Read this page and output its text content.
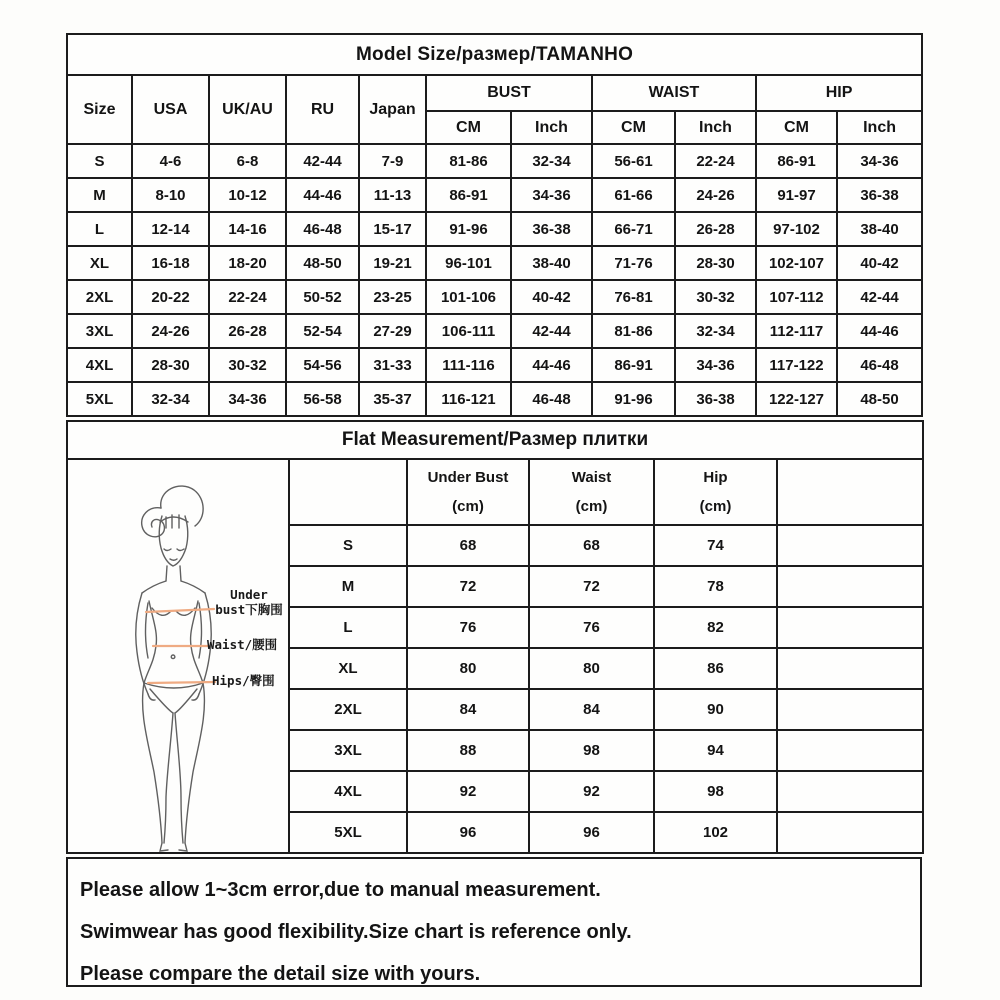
Model Size/размер/TAMANHO										
Size	USA	UK/AU	RU	Japan	BUST		WAIST		HIP	
					CM	Inch	CM	Inch	CM	Inch
S	4-6	6-8	42-44	7-9	81-86	32-34	56-61	22-24	86-91	34-36
M	8-10	10-12	44-46	11-13	86-91	34-36	61-66	24-26	91-97	36-38
L	12-14	14-16	46-48	15-17	91-96	36-38	66-71	26-28	97-102	38-40
XL	16-18	18-20	48-50	19-21	96-101	38-40	71-76	28-30	102-107	40-42
2XL	20-22	22-24	50-52	23-25	101-106	40-42	76-81	30-32	107-112	42-44
3XL	24-26	26-28	52-54	27-29	106-111	42-44	81-86	32-34	112-117	44-46
4XL	28-30	30-32	54-56	31-33	111-116	44-46	86-91	34-36	117-122	46-48
5XL	32-34	34-36	56-58	35-37	116-121	46-48	91-96	36-38	122-127	48-50
Flat Measurement/Размер плитки					

Under
bust下胸围
Waist/腰围
Hips/臀围

Under Bust
(cm)

Waist
(cm)

Hip
(cm)

	S	68	68	74	
	M	72	72	78	
	L	76	76	82	
	XL	80	80	86	
	2XL	84	84	90	
	3XL	88	98	94	
	4XL	92	92	98	
	5XL	96	96	102	

Please allow 1~3cm error,due to manual measurement.

Swimwear has good flexibility.Size chart is reference only.

Please compare the detail size with yours.
